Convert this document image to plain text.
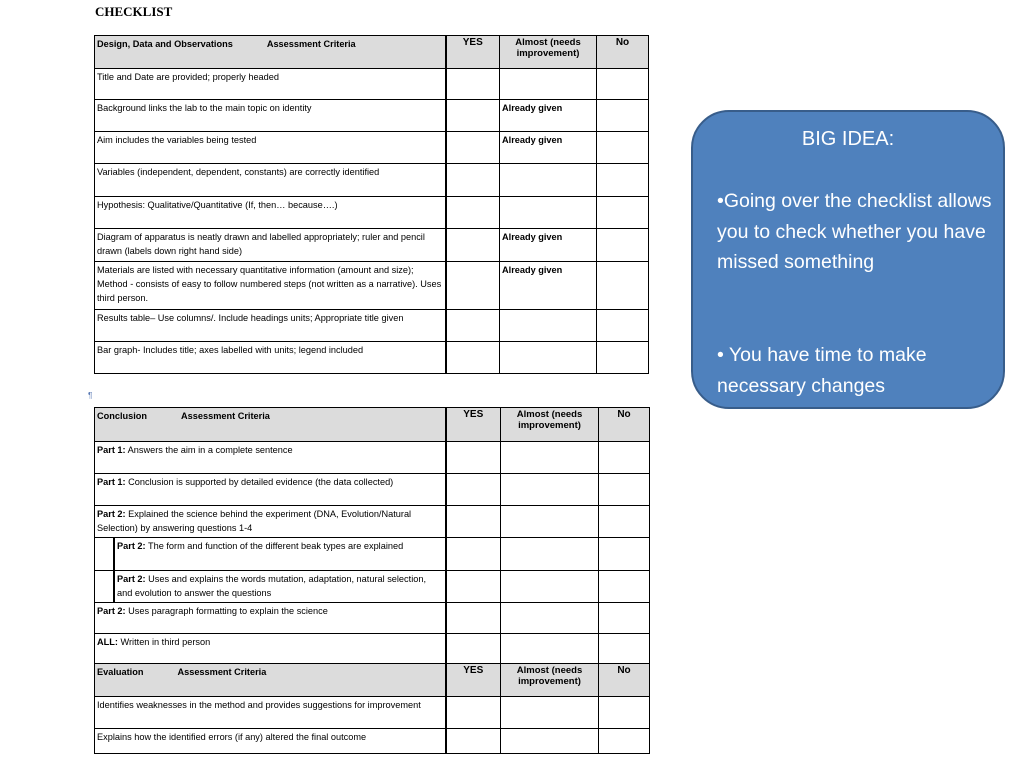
CHECKLIST
Design, Data and Observations Assessment Criteria	YES	Almost (needs improvement)	No
Title and Date are provided; properly headed			
Background links the lab to the main topic on identity		Already given	
Aim includes the variables being tested		Already given	
Variables (independent, dependent, constants) are correctly identified			
Hypothesis: Qualitative/Quantitative (If, then… because….)			
Diagram of apparatus is neatly drawn and labelled appropriately; ruler and pencil drawn (labels down right hand side)		Already given	
Materials are listed with necessary quantitative information (amount and size); Method - consists of easy to follow numbered steps (not written as a narrative). Uses third person.		Already given	
Results table– Use columns/. Include headings units; Appropriate title given			
Bar graph- Includes title; axes labelled with units; legend included			
¶
Conclusion Assessment Criteria	YES	Almost (needs improvement)	No
Part 1: Answers the aim in a complete sentence			
Part 1: Conclusion is supported by detailed evidence (the data collected)			
Part 2: Explained the science behind the experiment (DNA, Evolution/Natural Selection) by answering questions 1-4			

Part 2: The form and function of the different beak types are explained			

Part 2: Uses and explains the words mutation, adaptation, natural selection, and evolution to answer the questions			
Part 2: Uses paragraph formatting to explain the science			
ALL: Written in third person			
Evaluation Assessment Criteria	YES	Almost (needs improvement)	No
Identifies weaknesses in the method and provides suggestions for improvement			
Explains how the identified errors (if any) altered the final outcome			
BIG IDEA:
•Going over the checklist allows you to check whether you have missed something
• You have time to make necessary changes
